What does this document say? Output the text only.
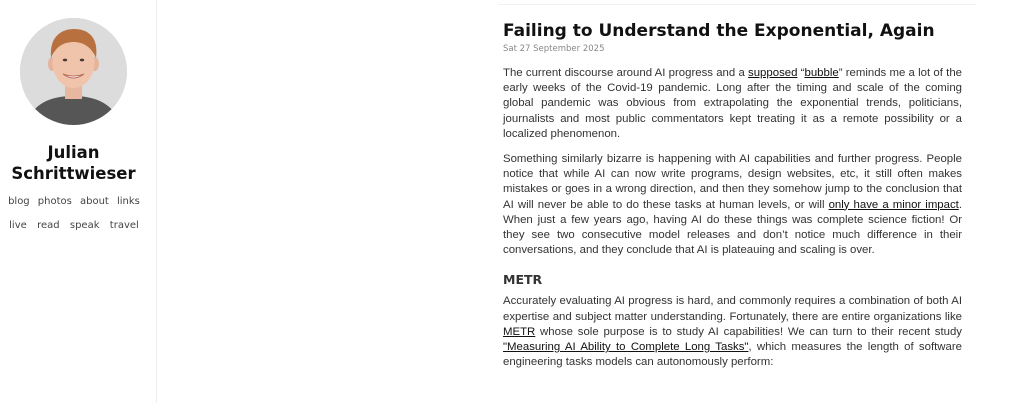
Julian
Schrittwieser
blog photos about links
live read speak travel
Failing to Understand the Exponential, Again
Sat 27 September 2025

The current discourse around AI progress and a supposed “bubble” reminds me a lot of the early weeks of the Covid-19 pandemic. Long after the timing and scale of the coming global pandemic was obvious from extrapolating the exponential trends, politicians, journalists and most public commentators kept treating it as a remote possibility or a localized phenomenon.

Something similarly bizarre is happening with AI capabilities and further progress. People notice that while AI can now write programs, design websites, etc, it still often makes mistakes or goes in a wrong direction, and then they somehow jump to the conclusion that AI will never be able to do these tasks at human levels, or will only have a minor impact. When just a few years ago, having AI do these things was complete science fiction! Or they see two consecutive model releases and don’t notice much difference in their conversations, and they conclude that AI is plateauing and scaling is over.

METR

Accurately evaluating AI progress is hard, and commonly requires a combination of both AI expertise and subject matter understanding. Fortunately, there are entire organizations like METR whose sole purpose is to study AI capabilities! We can turn to their recent study "Measuring AI Ability to Complete Long Tasks", which measures the length of software engineering tasks models can autonomously perform:
